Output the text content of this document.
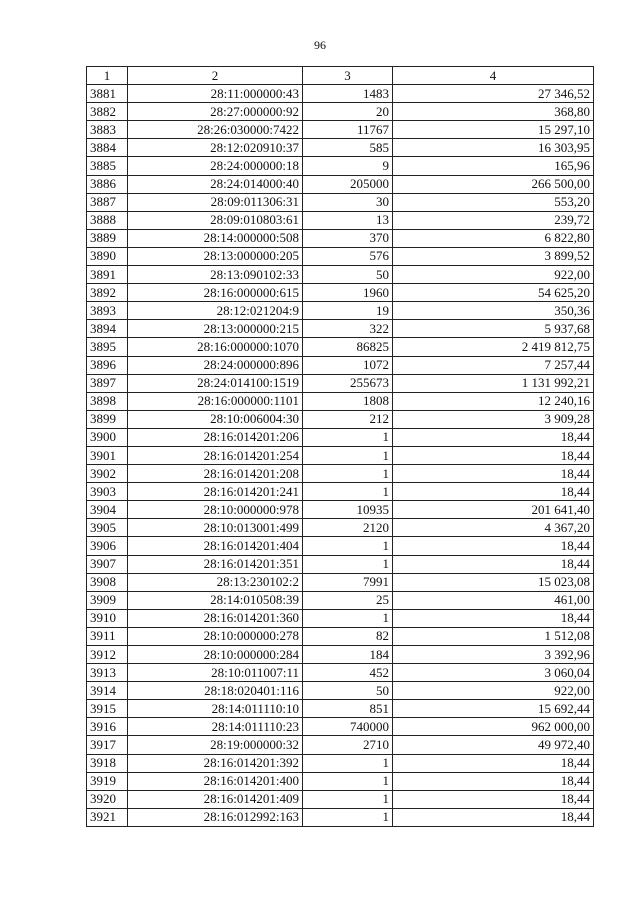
96
1	2	3	4
3881	28:11:000000:43	1483	27 346,52
3882	28:27:000000:92	20	368,80
3883	28:26:030000:7422	11767	15 297,10
3884	28:12:020910:37	585	16 303,95
3885	28:24:000000:18	9	165,96
3886	28:24:014000:40	205000	266 500,00
3887	28:09:011306:31	30	553,20
3888	28:09:010803:61	13	239,72
3889	28:14:000000:508	370	6 822,80
3890	28:13:000000:205	576	3 899,52
3891	28:13:090102:33	50	922,00
3892	28:16:000000:615	1960	54 625,20
3893	28:12:021204:9	19	350,36
3894	28:13:000000:215	322	5 937,68
3895	28:16:000000:1070	86825	2 419 812,75
3896	28:24:000000:896	1072	7 257,44
3897	28:24:014100:1519	255673	1 131 992,21
3898	28:16:000000:1101	1808	12 240,16
3899	28:10:006004:30	212	3 909,28
3900	28:16:014201:206	1	18,44
3901	28:16:014201:254	1	18,44
3902	28:16:014201:208	1	18,44
3903	28:16:014201:241	1	18,44
3904	28:10:000000:978	10935	201 641,40
3905	28:10:013001:499	2120	4 367,20
3906	28:16:014201:404	1	18,44
3907	28:16:014201:351	1	18,44
3908	28:13:230102:2	7991	15 023,08
3909	28:14:010508:39	25	461,00
3910	28:16:014201:360	1	18,44
3911	28:10:000000:278	82	1 512,08
3912	28:10:000000:284	184	3 392,96
3913	28:10:011007:11	452	3 060,04
3914	28:18:020401:116	50	922,00
3915	28:14:011110:10	851	15 692,44
3916	28:14:011110:23	740000	962 000,00
3917	28:19:000000:32	2710	49 972,40
3918	28:16:014201:392	1	18,44
3919	28:16:014201:400	1	18,44
3920	28:16:014201:409	1	18,44
3921	28:16:012992:163	1	18,44
